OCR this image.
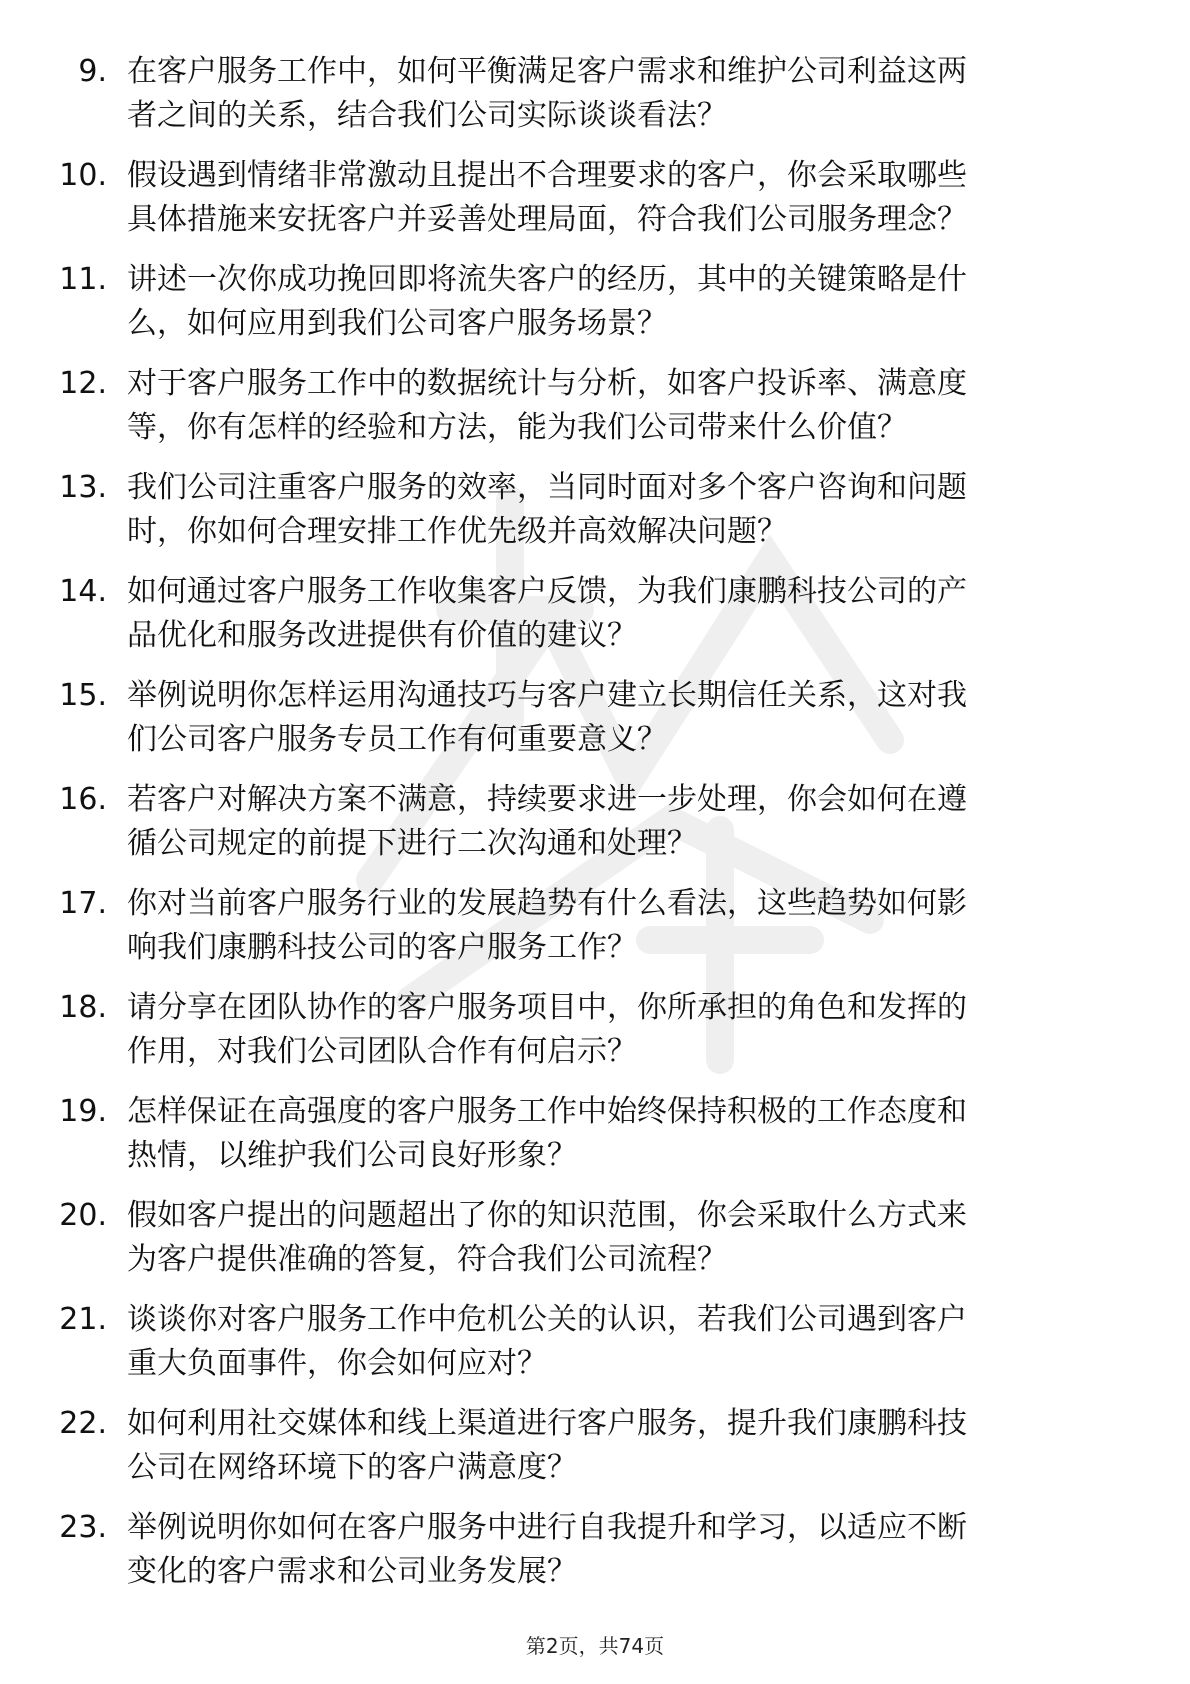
9. 在客户服务工作中，如何平衡满足客户需求和维护公司利益这两
者之间的关系，结合我们公司实际谈谈看法？
10. 假设遇到情绪非常激动且提出不合理要求的客户，你会采取哪些
具体措施来安抚客户并妥善处理局面，符合我们公司服务理念？
11. 讲述一次你成功挽回即将流失客户的经历，其中的关键策略是什
么，如何应用到我们公司客户服务场景？
12. 对于客户服务工作中的数据统计与分析，如客户投诉率、满意度
等，你有怎样的经验和方法，能为我们公司带来什么价值？
13. 我们公司注重客户服务的效率，当同时面对多个客户咨询和问题
时，你如何合理安排工作优先级并高效解决问题？
14. 如何通过客户服务工作收集客户反馈，为我们康鹏科技公司的产
品优化和服务改进提供有价值的建议？
15. 举例说明你怎样运用沟通技巧与客户建立长期信任关系，这对我
们公司客户服务专员工作有何重要意义？
16. 若客户对解决方案不满意，持续要求进一步处理，你会如何在遵
循公司规定的前提下进行二次沟通和处理？
17. 你对当前客户服务行业的发展趋势有什么看法，这些趋势如何影
响我们康鹏科技公司的客户服务工作？
18. 请分享在团队协作的客户服务项目中，你所承担的角色和发挥的
作用，对我们公司团队合作有何启示？
19. 怎样保证在高强度的客户服务工作中始终保持积极的工作态度和
热情，以维护我们公司良好形象？
20. 假如客户提出的问题超出了你的知识范围，你会采取什么方式来
为客户提供准确的答复，符合我们公司流程？
21. 谈谈你对客户服务工作中危机公关的认识，若我们公司遇到客户
重大负面事件，你会如何应对？
22. 如何利用社交媒体和线上渠道进行客户服务，提升我们康鹏科技
公司在网络环境下的客户满意度？
23. 举例说明你如何在客户服务中进行自我提升和学习，以适应不断
变化的客户需求和公司业务发展？
第2页，共74页
